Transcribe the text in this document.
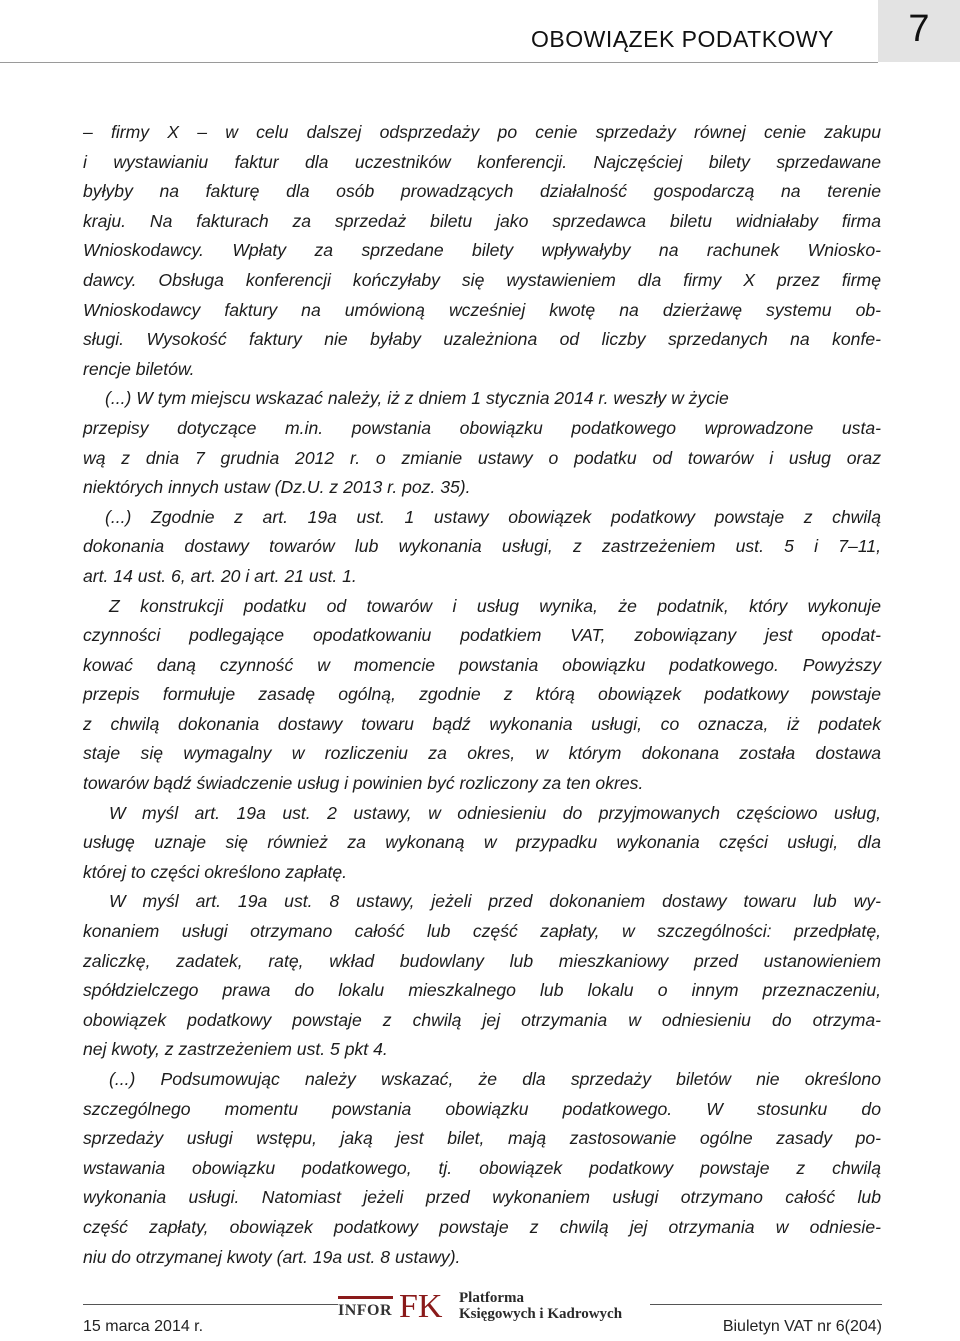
OBOWIĄZEK PODATKOWY	7
– firmy X – w celu dalszej odsprzedaży po cenie sprzedaży równej cenie zakupu
i wystawianiu faktur dla uczestników konferencji. Najczęściej bilety sprzedawane
byłyby na fakturę dla osób prowadzących działalność gospodarczą na terenie
kraju. Na fakturach za sprzedaż biletu jako sprzedawca biletu widniałaby firma
Wnioskodawcy. Wpłaty za sprzedane bilety wpływałyby na rachunek Wniosko-
dawcy. Obsługa konferencji kończyłaby się wystawieniem dla firmy X przez firmę
Wnioskodawcy faktury na umówioną wcześniej kwotę na dzierżawę systemu ob-
sługi. Wysokość faktury nie byłaby uzależniona od liczby sprzedanych na konfe-
rencje biletów.
(...) W tym miejscu wskazać należy, iż z dniem 1 stycznia 2014 r. weszły w życie
przepisy dotyczące m.in. powstania obowiązku podatkowego wprowadzone usta-
wą z dnia 7 grudnia 2012 r. o zmianie ustawy o podatku od towarów i usług oraz
niektórych innych ustaw (Dz.U. z 2013 r. poz. 35).
(...) Zgodnie z art. 19a ust. 1 ustawy obowiązek podatkowy powstaje z chwilą
dokonania dostawy towarów lub wykonania usługi, z zastrzeżeniem ust. 5 i 7–11,
art. 14 ust. 6, art. 20 i art. 21 ust. 1.
Z konstrukcji podatku od towarów i usług wynika, że podatnik, który wykonuje
czynności podlegające opodatkowaniu podatkiem VAT, zobowiązany jest opodat-
kować daną czynność w momencie powstania obowiązku podatkowego. Powyższy
przepis formułuje zasadę ogólną, zgodnie z którą obowiązek podatkowy powstaje
z chwilą dokonania dostawy towaru bądź wykonania usługi, co oznacza, iż podatek
staje się wymagalny w rozliczeniu za okres, w którym dokonana została dostawa
towarów bądź świadczenie usług i powinien być rozliczony za ten okres.
W myśl art. 19a ust. 2 ustawy, w odniesieniu do przyjmowanych częściowo usług,
usługę uznaje się również za wykonaną w przypadku wykonania części usługi, dla
której to części określono zapłatę.
W myśl art. 19a ust. 8 ustawy, jeżeli przed dokonaniem dostawy towaru lub wy-
konaniem usługi otrzymano całość lub część zapłaty, w szczególności: przedpłatę,
zaliczkę, zadatek, ratę, wkład budowlany lub mieszkaniowy przed ustanowieniem
spółdzielczego prawa do lokalu mieszkalnego lub lokalu o innym przeznaczeniu,
obowiązek podatkowy powstaje z chwilą jej otrzymania w odniesieniu do otrzyma-
nej kwoty, z zastrzeżeniem ust. 5 pkt 4.
(...) Podsumowując należy wskazać, że dla sprzedaży biletów nie określono
szczególnego momentu powstania obowiązku podatkowego. W stosunku do
sprzedaży usługi wstępu, jaką jest bilet, mają zastosowanie ogólne zasady po-
wstawania obowiązku podatkowego, tj. obowiązek podatkowy powstaje z chwilą
wykonania usługi. Natomiast jeżeli przed wykonaniem usługi otrzymano całość lub
część zapłaty, obowiązek podatkowy powstaje z chwilą jej otrzymania w odniesie-
niu do otrzymanej kwoty (art. 19a ust. 8 ustawy).
INFOR FK Platforma
Księgowych i Kadrowych
15 marca 2014 r.	Biuletyn VAT nr 6(204)
